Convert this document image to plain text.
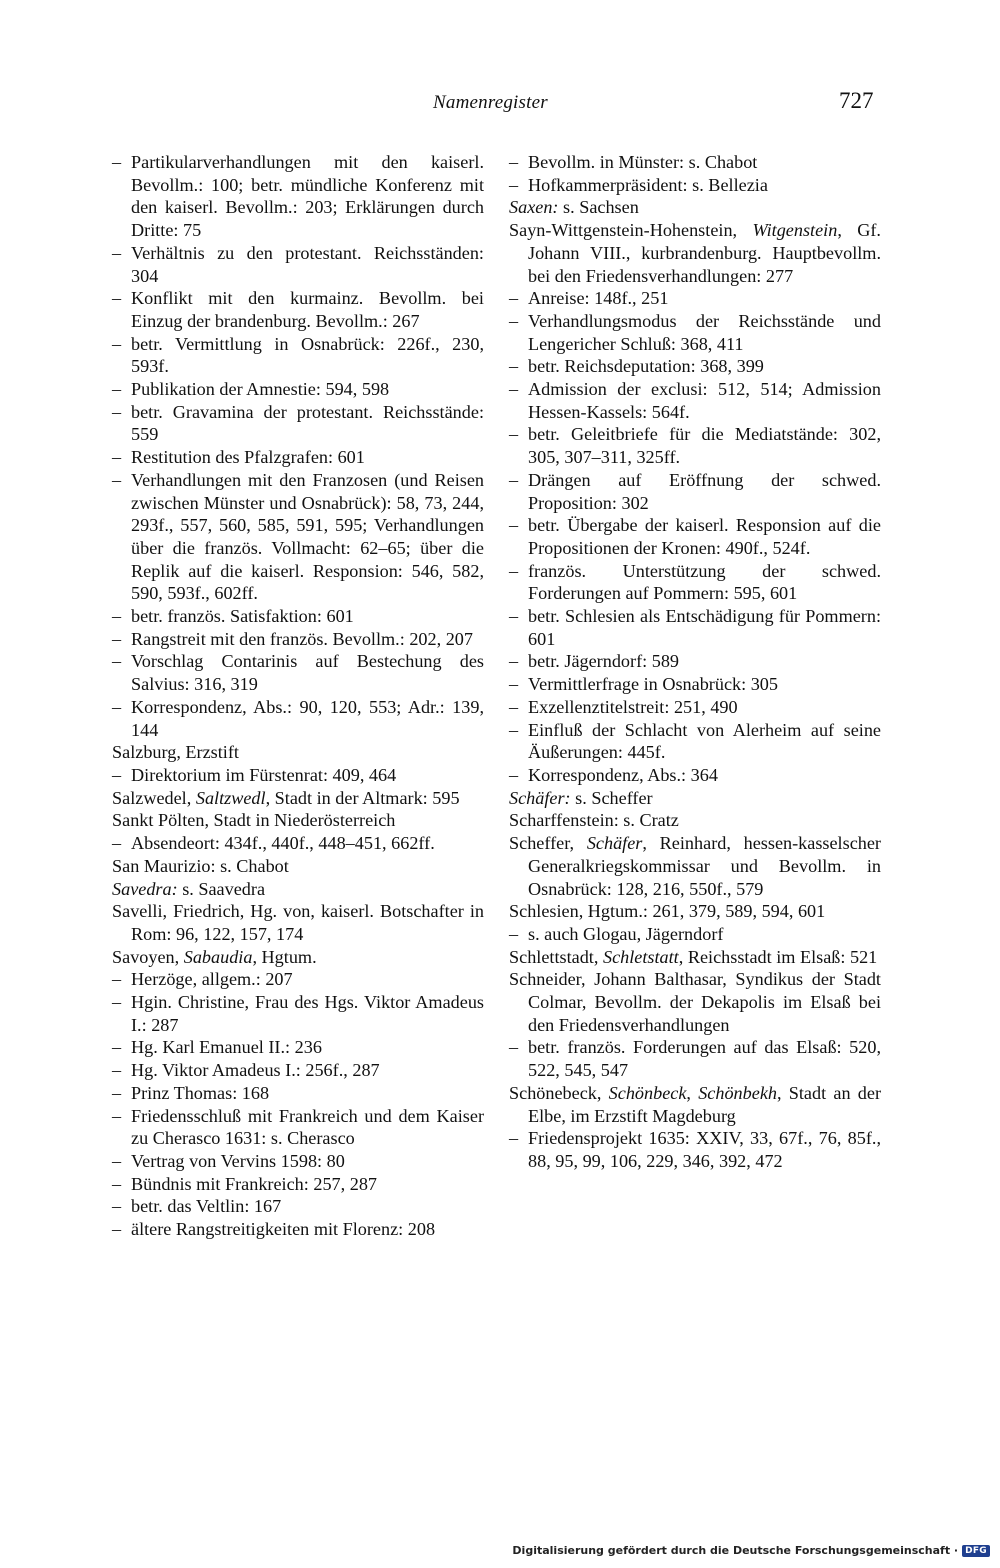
Namenregister	727

– Partikularverhandlungen mit den kaiserl. Bevollm.: 100; betr. mündliche Konferenz mit den kaiserl. Bevollm.: 203; Erklärungen durch Dritte: 75

– Verhältnis zu den protestant. Reichsständen: 304

– Konflikt mit den kurmainz. Bevollm. bei Einzug der brandenburg. Bevollm.: 267

– betr. Vermittlung in Osnabrück: 226f., 230, 593f.

– Publikation der Amnestie: 594, 598

– betr. Gravamina der protestant. Reichsstände: 559

– Restitution des Pfalzgrafen: 601

– Verhandlungen mit den Franzosen (und Reisen zwischen Münster und Osnabrück): 58, 73, 244, 293f., 557, 560, 585, 591, 595; Verhandlungen über die französ. Vollmacht: 62–65; über die Replik auf die kaiserl. Responsion: 546, 582, 590, 593f., 602ff.

– betr. französ. Satisfaktion: 601

– Rangstreit mit den französ. Bevollm.: 202, 207

– Vorschlag Contarinis auf Bestechung des Salvius: 316, 319

– Korrespondenz, Abs.: 90, 120, 553; Adr.: 139, 144

Salzburg, Erzstift

– Direktorium im Fürstenrat: 409, 464

Salzwedel, Saltzwedl, Stadt in der Altmark: 595

Sankt Pölten, Stadt in Niederösterreich

– Absendeort: 434f., 440f., 448–451, 662ff.

San Maurizio: s. Chabot

Savedra: s. Saavedra

Savelli, Friedrich, Hg. von, kaiserl. Botschafter in Rom: 96, 122, 157, 174

Savoyen, Sabaudia, Hgtum.

– Herzöge, allgem.: 207

– Hgin. Christine, Frau des Hgs. Viktor Amadeus I.: 287

– Hg. Karl Emanuel II.: 236

– Hg. Viktor Amadeus I.: 256f., 287

– Prinz Thomas: 168

– Friedensschluß mit Frankreich und dem Kaiser zu Cherasco 1631: s. Cherasco

– Vertrag von Vervins 1598: 80

– Bündnis mit Frankreich: 257, 287

– betr. das Veltlin: 167

– ältere Rangstreitigkeiten mit Florenz: 208

– Bevollm. in Münster: s. Chabot

– Hofkammerpräsident: s. Bellezia

Saxen: s. Sachsen

Sayn-Wittgenstein-Hohenstein, Witgenstein, Gf. Johann VIII., kurbrandenburg. Hauptbevollm. bei den Friedensverhandlungen: 277

– Anreise: 148f., 251

– Verhandlungsmodus der Reichsstände und Lengericher Schluß: 368, 411

– betr. Reichsdeputation: 368, 399

– Admission der exclusi: 512, 514; Admission Hessen-Kassels: 564f.

– betr. Geleitbriefe für die Mediatstände: 302, 305, 307–311, 325ff.

– Drängen auf Eröffnung der schwed. Proposition: 302

– betr. Übergabe der kaiserl. Responsion auf die Propositionen der Kronen: 490f., 524f.

– französ. Unterstützung der schwed. Forderungen auf Pommern: 595, 601

– betr. Schlesien als Entschädigung für Pommern: 601

– betr. Jägerndorf: 589

– Vermittlerfrage in Osnabrück: 305

– Exzellenztitelstreit: 251, 490

– Einfluß der Schlacht von Alerheim auf seine Äußerungen: 445f.

– Korrespondenz, Abs.: 364

Schäfer: s. Scheffer

Scharffenstein: s. Cratz

Scheffer, Schäfer, Reinhard, hessen-kasselscher Generalkriegskommissar und Bevollm. in Osnabrück: 128, 216, 550f., 579

Schlesien, Hgtum.: 261, 379, 589, 594, 601

– s. auch Glogau, Jägerndorf

Schlettstadt, Schletstatt, Reichsstadt im Elsaß: 521

Schneider, Johann Balthasar, Syndikus der Stadt Colmar, Bevollm. der Dekapolis im Elsaß bei den Friedensverhandlungen

– betr. französ. Forderungen auf das Elsaß: 520, 522, 545, 547

Schönebeck, Schönbeck, Schönbekh, Stadt an der Elbe, im Erzstift Magdeburg

– Friedensprojekt 1635: XXIV, 33, 67f., 76, 85f., 88, 95, 99, 106, 229, 346, 392, 472

Digitalisierung gefördert durch die Deutsche Forschungsgemeinschaft · DFG
